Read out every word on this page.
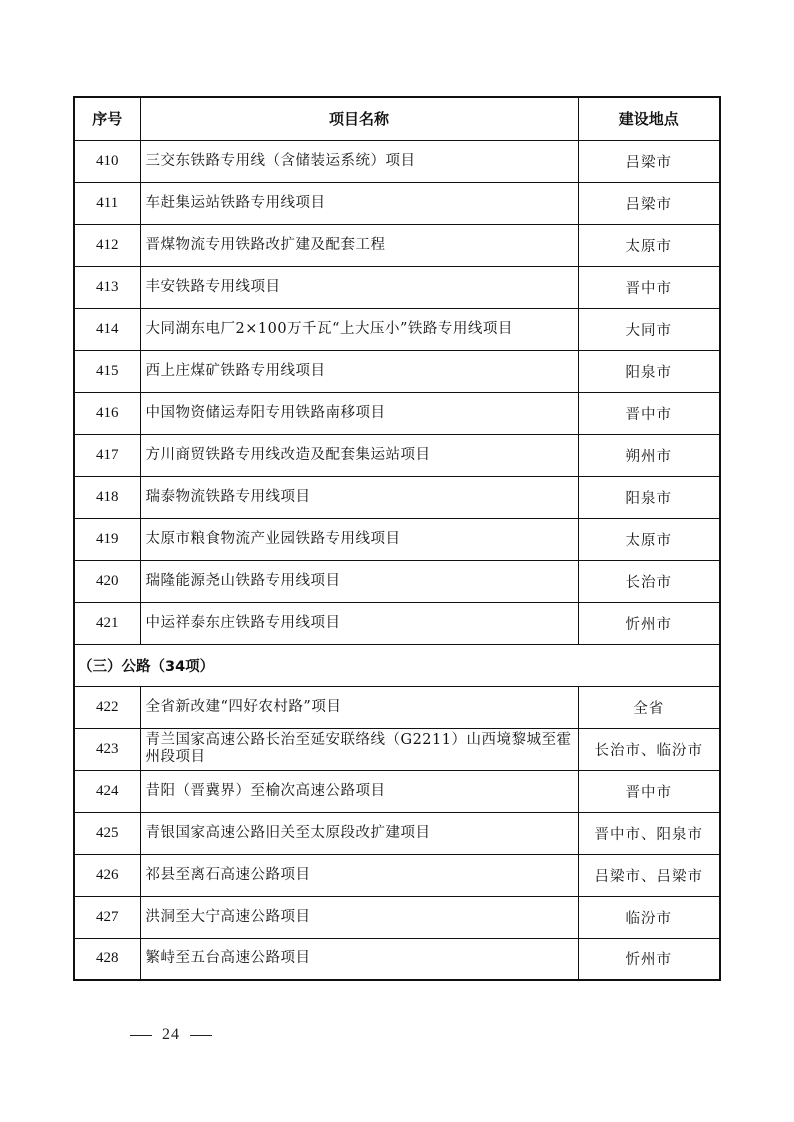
序号	项目名称	建设地点
410	三交东铁路专用线（含储装运系统）项目	吕梁市
411	车赶集运站铁路专用线项目	吕梁市
412	晋煤物流专用铁路改扩建及配套工程	太原市
413	丰安铁路专用线项目	晋中市
414	大同湖东电厂2×100万千瓦“上大压小”铁路专用线项目	大同市
415	西上庄煤矿铁路专用线项目	阳泉市
416	中国物资储运寿阳专用铁路南移项目	晋中市
417	方川商贸铁路专用线改造及配套集运站项目	朔州市
418	瑞泰物流铁路专用线项目	阳泉市
419	太原市粮食物流产业园铁路专用线项目	太原市
420	瑞隆能源尧山铁路专用线项目	长治市
421	中运祥泰东庄铁路专用线项目	忻州市
（三）公路（34项）		
422	全省新改建“四好农村路”项目	全省
423	青兰国家高速公路长治至延安联络线（G2211）山西境黎城至霍州段项目	长治市、临汾市
424	昔阳（晋冀界）至榆次高速公路项目	晋中市
425	青银国家高速公路旧关至太原段改扩建项目	晋中市、阳泉市
426	祁县至离石高速公路项目	吕梁市、吕梁市
427	洪洞至大宁高速公路项目	临汾市
428	繁峙至五台高速公路项目	忻州市
24
